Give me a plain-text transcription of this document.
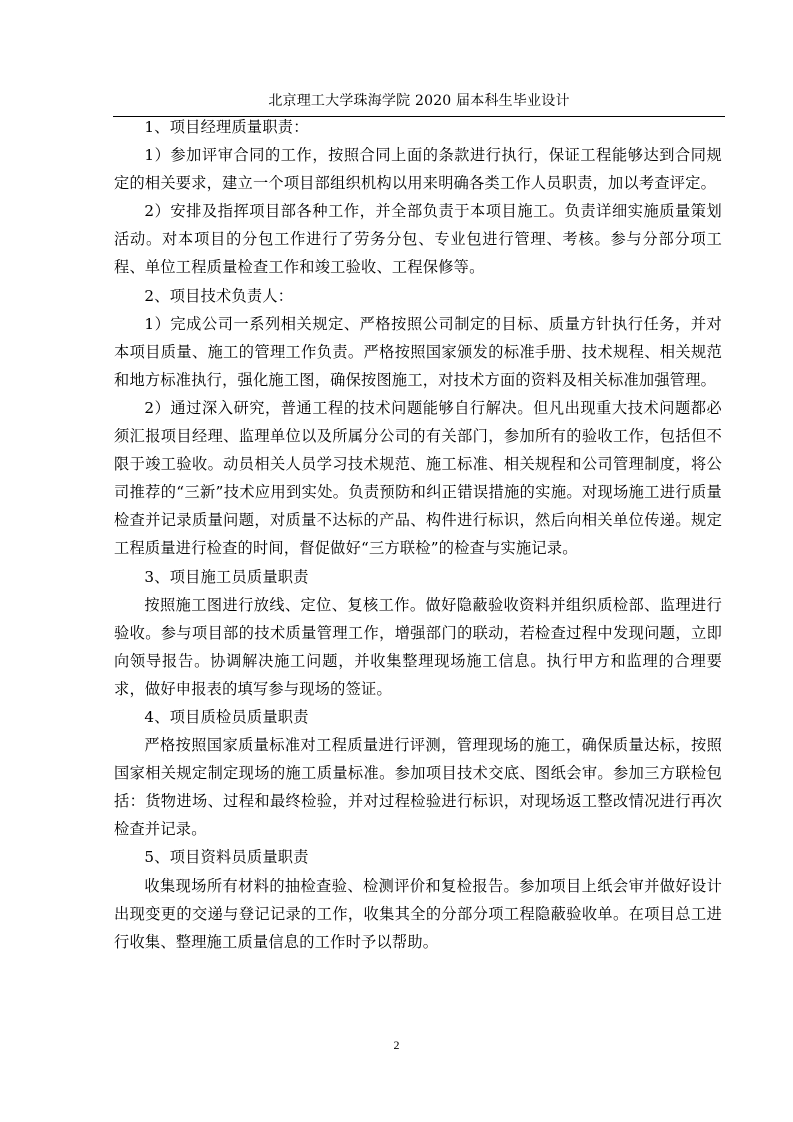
北京理工大学珠海学院 2020 届本科生毕业设计

1、项目经理质量职责：

1）参加评审合同的工作，按照合同上面的条款进行执行，保证工程能够达到合同规定的相关要求，建立一个项目部组织机构以用来明确各类工作人员职责，加以考查评定。

2）安排及指挥项目部各种工作，并全部负责于本项目施工。负责详细实施质量策划活动。对本项目的分包工作进行了劳务分包、专业包进行管理、考核。参与分部分项工程、单位工程质量检查工作和竣工验收、工程保修等。

2、项目技术负责人：

1）完成公司一系列相关规定、严格按照公司制定的目标、质量方针执行任务，并对本项目质量、施工的管理工作负责。严格按照国家颁发的标准手册、技术规程、相关规范和地方标准执行，强化施工图，确保按图施工，对技术方面的资料及相关标准加强管理。

2）通过深入研究，普通工程的技术问题能够自行解决。但凡出现重大技术问题都必须汇报项目经理、监理单位以及所属分公司的有关部门，参加所有的验收工作，包括但不限于竣工验收。动员相关人员学习技术规范、施工标准、相关规程和公司管理制度，将公司推荐的“三新”技术应用到实处。负责预防和纠正错误措施的实施。对现场施工进行质量检查并记录质量问题，对质量不达标的产品、构件进行标识，然后向相关单位传递。规定工程质量进行检查的时间，督促做好“三方联检”的检查与实施记录。

3、项目施工员质量职责

按照施工图进行放线、定位、复核工作。做好隐蔽验收资料并组织质检部、监理进行验收。参与项目部的技术质量管理工作，增强部门的联动，若检查过程中发现问题，立即向领导报告。协调解决施工问题，并收集整理现场施工信息。执行甲方和监理的合理要求，做好申报表的填写参与现场的签证。

4、项目质检员质量职责

严格按照国家质量标准对工程质量进行评测，管理现场的施工，确保质量达标，按照国家相关规定制定现场的施工质量标准。参加项目技术交底、图纸会审。参加三方联检包括：货物进场、过程和最终检验，并对过程检验进行标识，对现场返工整改情况进行再次检查并记录。

5、项目资料员质量职责

收集现场所有材料的抽检查验、检测评价和复检报告。参加项目上纸会审并做好设计出现变更的交递与登记记录的工作，收集其全的分部分项工程隐蔽验收单。在项目总工进行收集、整理施工质量信息的工作时予以帮助。

2
